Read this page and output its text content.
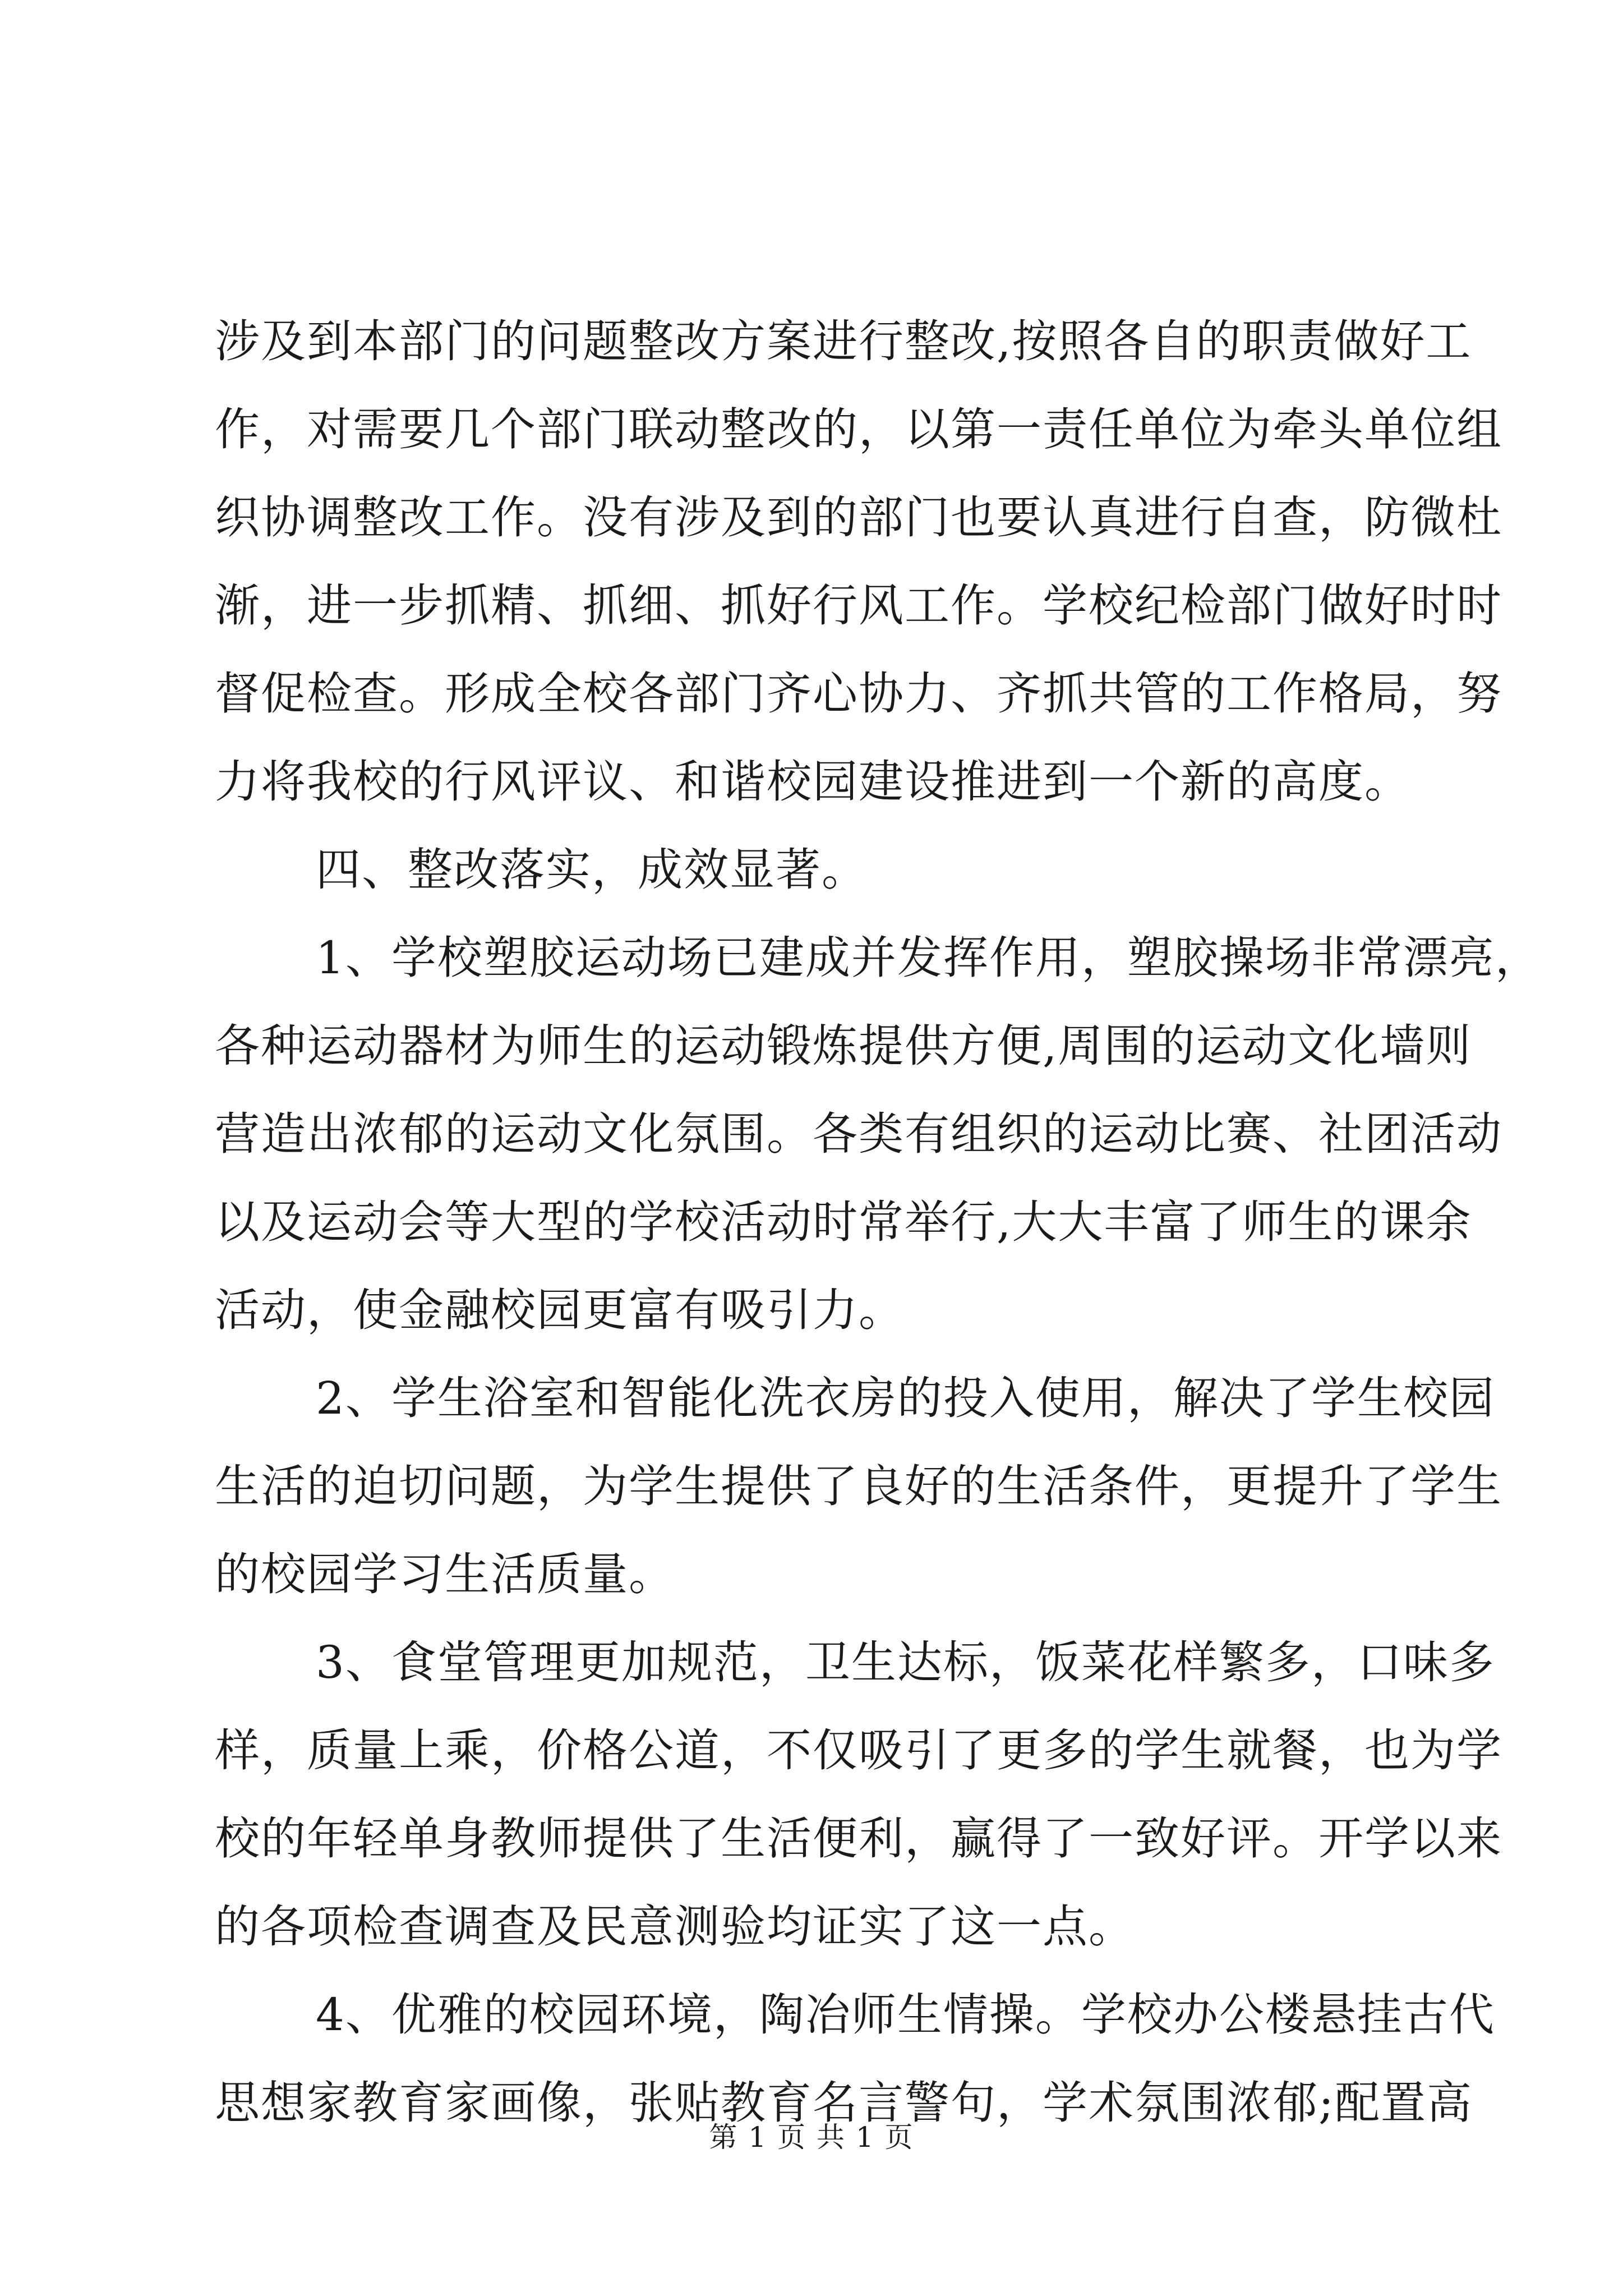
涉及到本部门的问题整改方案进行整改,按照各自的职责做好工
作，对需要几个部门联动整改的，以第一责任单位为牵头单位组
织协调整改工作。没有涉及到的部门也要认真进行自查，防微杜
渐，进一步抓精、抓细、抓好行风工作。学校纪检部门做好时时
督促检查。形成全校各部门齐心协力、齐抓共管的工作格局，努
力将我校的行风评议、和谐校园建设推进到一个新的高度。
四、整改落实，成效显著。
1、学校塑胶运动场已建成并发挥作用，塑胶操场非常漂亮，
各种运动器材为师生的运动锻炼提供方便,周围的运动文化墙则
营造出浓郁的运动文化氛围。各类有组织的运动比赛、社团活动
以及运动会等大型的学校活动时常举行,大大丰富了师生的课余
活动，使金融校园更富有吸引力。
2、学生浴室和智能化洗衣房的投入使用，解决了学生校园
生活的迫切问题，为学生提供了良好的生活条件，更提升了学生
的校园学习生活质量。
3、食堂管理更加规范，卫生达标，饭菜花样繁多，口味多
样，质量上乘，价格公道，不仅吸引了更多的学生就餐，也为学
校的年轻单身教师提供了生活便利，赢得了一致好评。开学以来
的各项检查调查及民意测验均证实了这一点。
4、优雅的校园环境，陶冶师生情操。学校办公楼悬挂古代
思想家教育家画像，张贴教育名言警句，学术氛围浓郁;配置高
第 1 页 共 1 页
